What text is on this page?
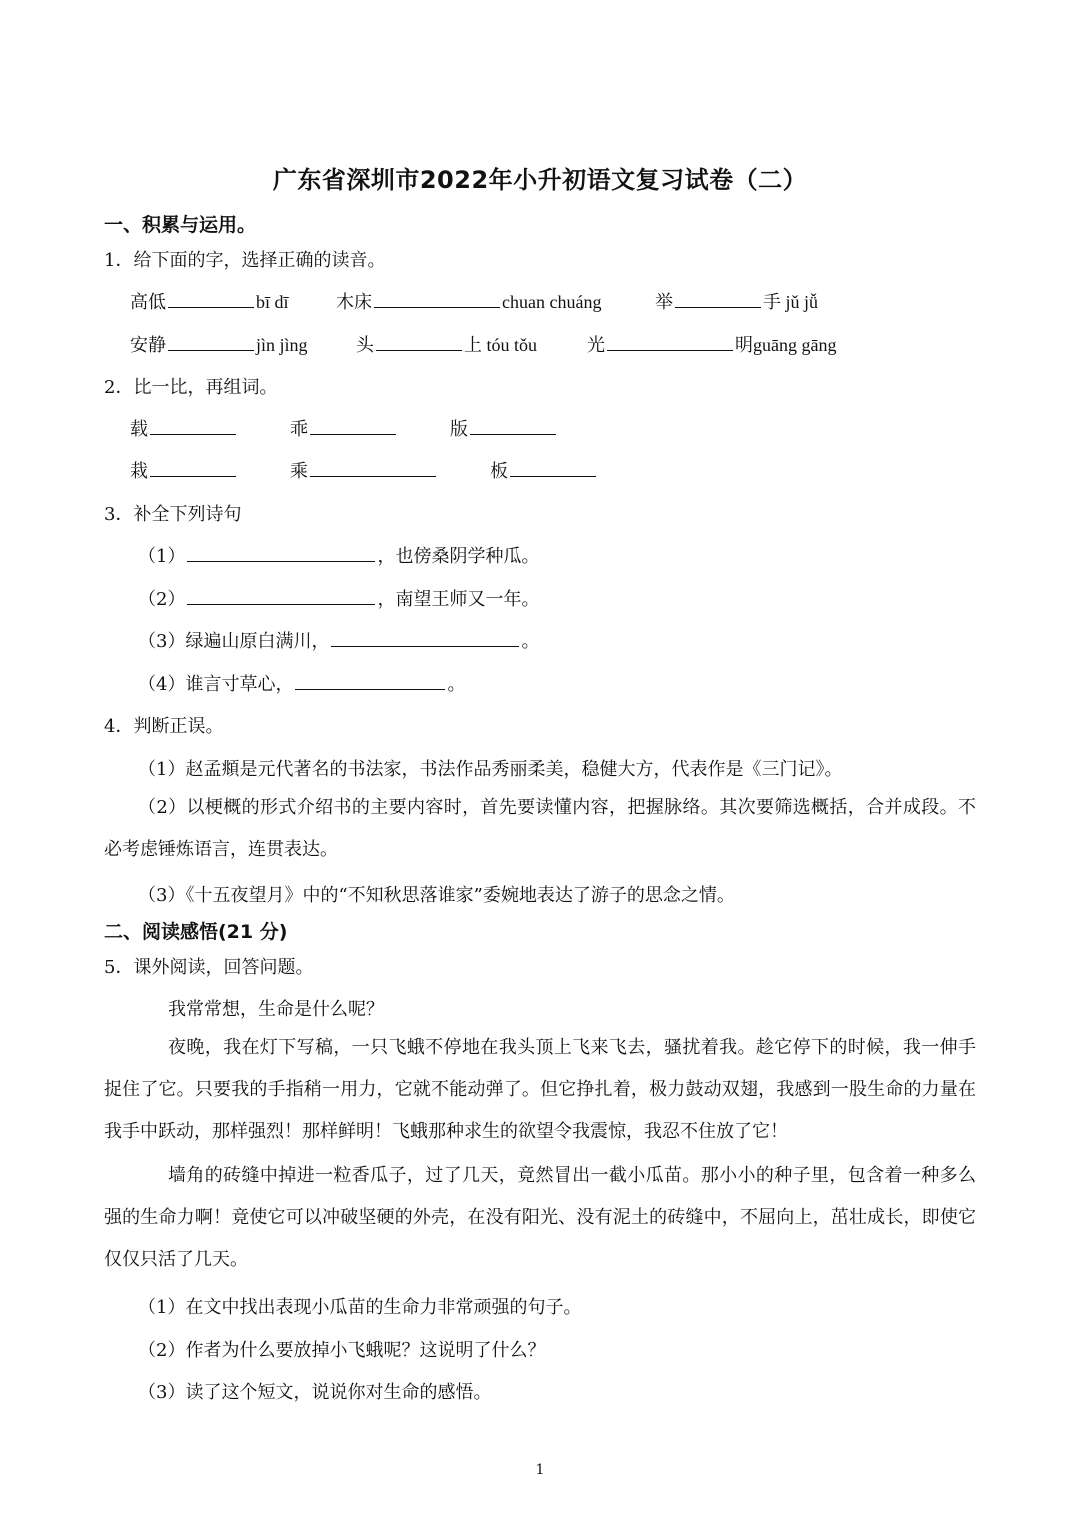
广东省深圳市2022年小升初语文复习试卷（二）
一、积累与运用。
1．给下面的字，选择正确的读音。
高低	bī dī	木床	chuan chuáng	举	手 jǔ jǚ
安静	jìn jìng	头	上 tóu tǒu	光	明guāng gāng
2．比一比，再组词。
载	乖	版
栽	乘	板
3．补全下列诗句
（1）	，也傍桑阴学种瓜。
（2）	，南望王师又一年。
（3）绿遍山原白满川，	。
（4）谁言寸草心，	。
4．判断正误。
（1）赵孟頫是元代著名的书法家，书法作品秀丽柔美，稳健大方，代表作是《三门记》。
（2）以梗概的形式介绍书的主要内容时，首先要读懂内容，把握脉络。其次要筛选概括，合并成段。不必考虑锤炼语言，连贯表达。
（3）《十五夜望月》中的“不知秋思落谁家”委婉地表达了游子的思念之情。
二、阅读感悟(21 分)
5．课外阅读，回答问题。
我常常想，生命是什么呢？
夜晚，我在灯下写稿，一只飞蛾不停地在我头顶上飞来飞去，骚扰着我。趁它停下的时候，我一伸手捉住了它。只要我的手指稍一用力，它就不能动弹了。但它挣扎着，极力鼓动双翅，我感到一股生命的力量在我手中跃动，那样强烈！那样鲜明！飞蛾那种求生的欲望令我震惊，我忍不住放了它！
墙角的砖缝中掉进一粒香瓜子，过了几天，竟然冒出一截小瓜苗。那小小的种子里，包含着一种多么强的生命力啊！竟使它可以冲破坚硬的外壳，在没有阳光、没有泥土的砖缝中，不屈向上，茁壮成长，即使它仅仅只活了几天。
（1）在文中找出表现小瓜苗的生命力非常顽强的句子。
（2）作者为什么要放掉小飞蛾呢？这说明了什么？
（3）读了这个短文，说说你对生命的感悟。
1
